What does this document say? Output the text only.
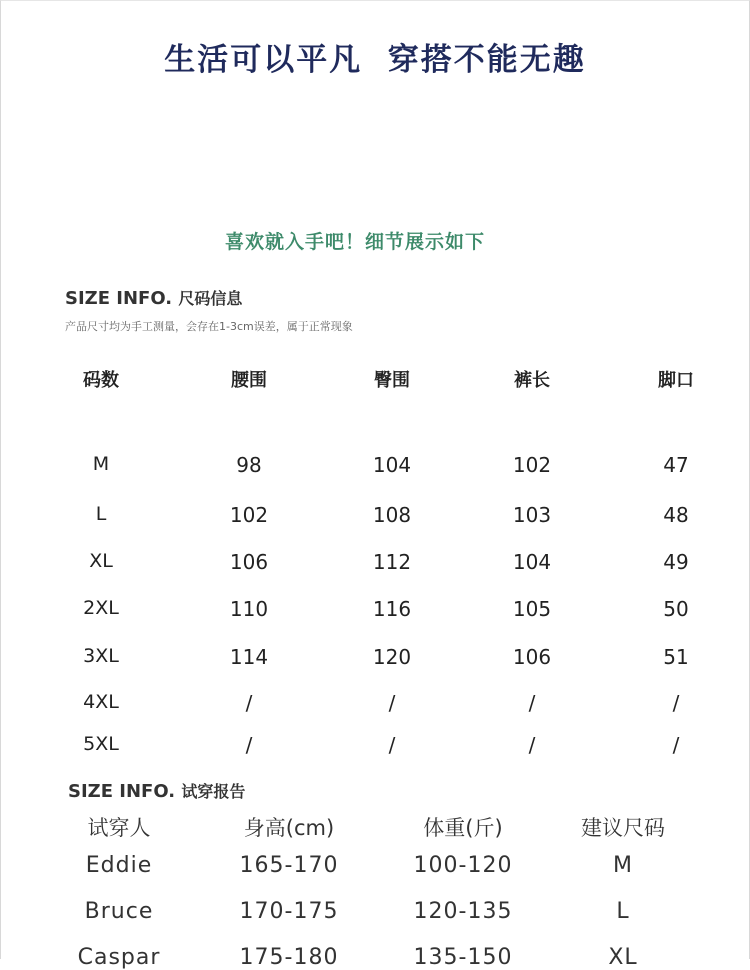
生活可以平凡  穿搭不能无趣
喜欢就入手吧！细节展示如下
SIZE INFO. 尺码信息
产品尺寸均为手工测量，会存在1-3cm误差，属于正常现象
码数	腰围	臀围	裤长	脚口
M	98	104	102	47
L	102	108	103	48
XL	106	112	104	49
2XL	110	116	105	50
3XL	114	120	106	51
4XL	/	/	/	/
5XL	/	/	/	/
SIZE INFO. 试穿报告
试穿人	身高(cm)	体重(斤)	建议尺码
Eddie	165-170	100-120	M
Bruce	170-175	120-135	L
Caspar	175-180	135-150	XL
